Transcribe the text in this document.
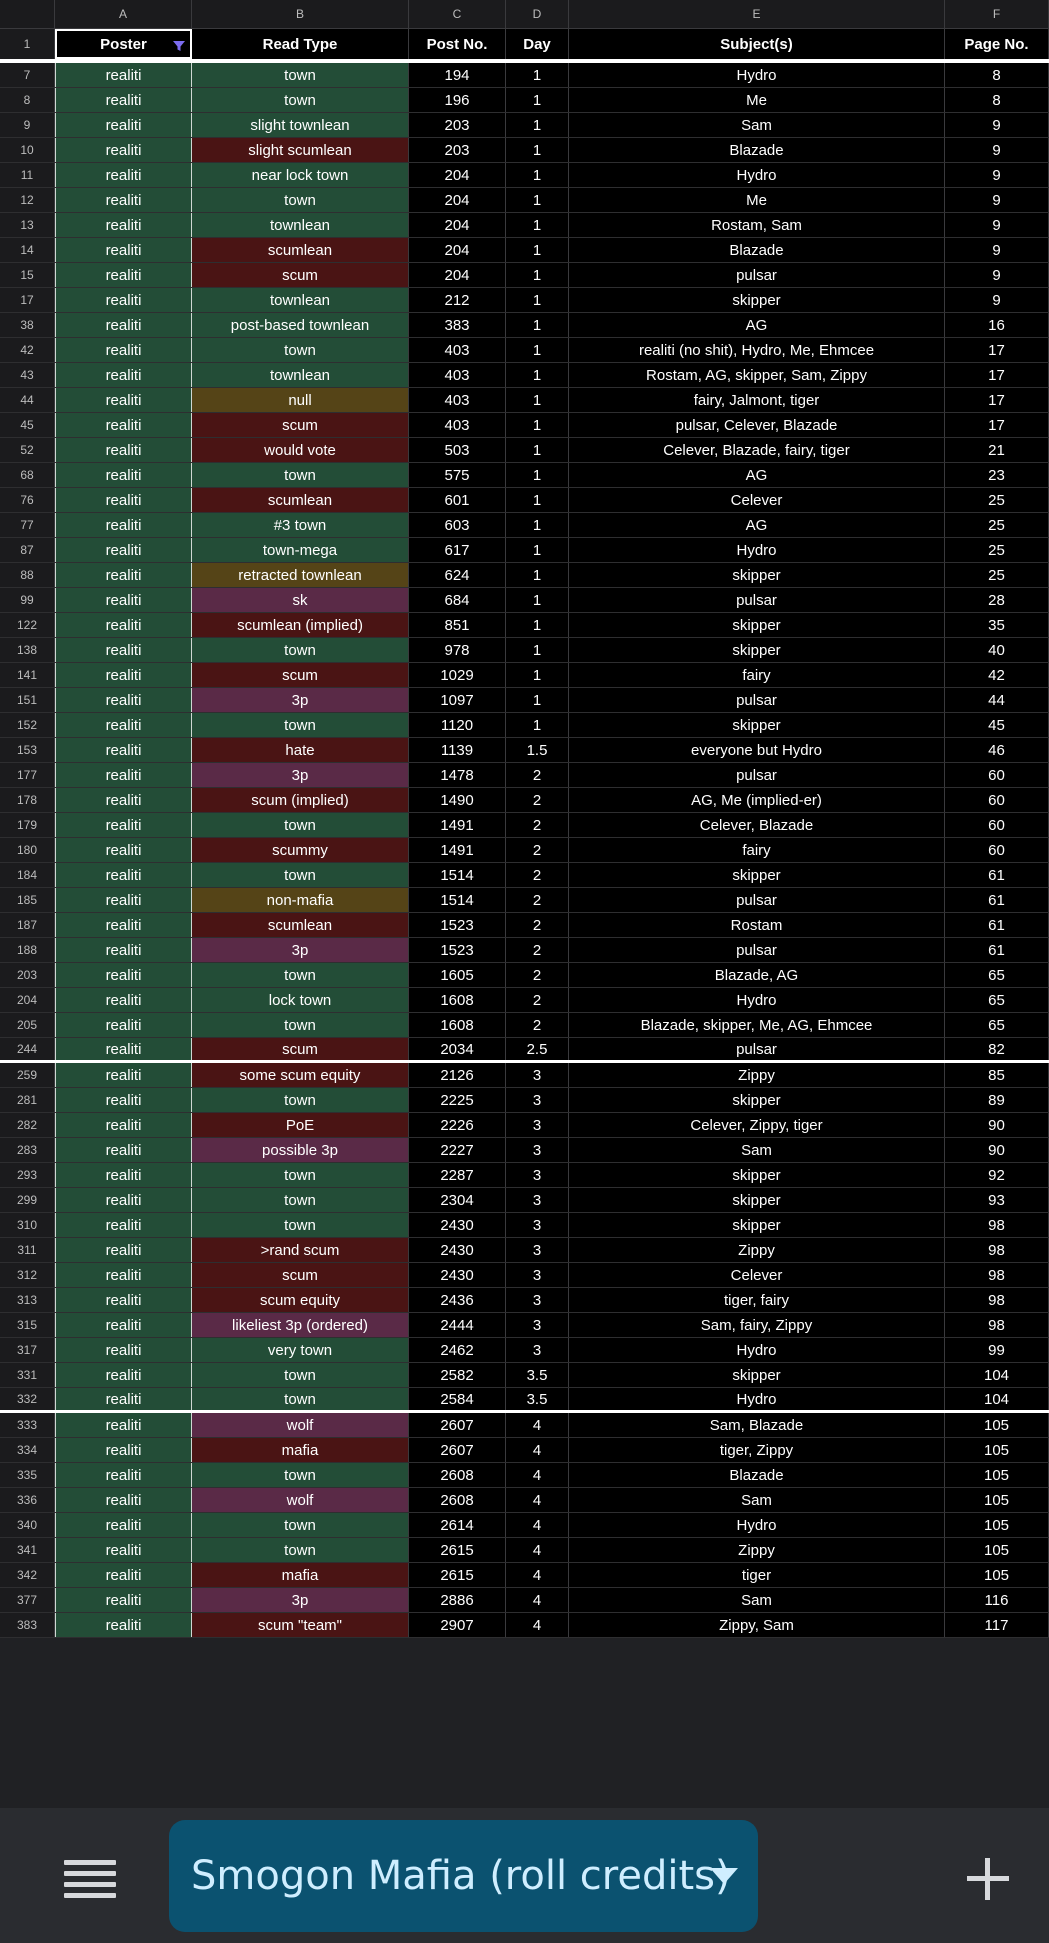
A	B	C	D	E	F
1	Poster	Read Type	Post No.	Day	Subject(s)	Page No.
7	realiti	town	194	1	Hydro	8
8	realiti	town	196	1	Me	8
9	realiti	slight townlean	203	1	Sam	9
10	realiti	slight scumlean	203	1	Blazade	9
11	realiti	near lock town	204	1	Hydro	9
12	realiti	town	204	1	Me	9
13	realiti	townlean	204	1	Rostam, Sam	9
14	realiti	scumlean	204	1	Blazade	9
15	realiti	scum	204	1	pulsar	9
17	realiti	townlean	212	1	skipper	9
38	realiti	post-based townlean	383	1	AG	16
42	realiti	town	403	1	realiti (no shit), Hydro, Me, Ehmcee	17
43	realiti	townlean	403	1	Rostam, AG, skipper, Sam, Zippy	17
44	realiti	null	403	1	fairy, Jalmont, tiger	17
45	realiti	scum	403	1	pulsar, Celever, Blazade	17
52	realiti	would vote	503	1	Celever, Blazade, fairy, tiger	21
68	realiti	town	575	1	AG	23
76	realiti	scumlean	601	1	Celever	25
77	realiti	#3 town	603	1	AG	25
87	realiti	town-mega	617	1	Hydro	25
88	realiti	retracted townlean	624	1	skipper	25
99	realiti	sk	684	1	pulsar	28
122	realiti	scumlean (implied)	851	1	skipper	35
138	realiti	town	978	1	skipper	40
141	realiti	scum	1029	1	fairy	42
151	realiti	3p	1097	1	pulsar	44
152	realiti	town	1120	1	skipper	45
153	realiti	hate	1139	1.5	everyone but Hydro	46
177	realiti	3p	1478	2	pulsar	60
178	realiti	scum (implied)	1490	2	AG, Me (implied-er)	60
179	realiti	town	1491	2	Celever, Blazade	60
180	realiti	scummy	1491	2	fairy	60
184	realiti	town	1514	2	skipper	61
185	realiti	non-mafia	1514	2	pulsar	61
187	realiti	scumlean	1523	2	Rostam	61
188	realiti	3p	1523	2	pulsar	61
203	realiti	town	1605	2	Blazade, AG	65
204	realiti	lock town	1608	2	Hydro	65
205	realiti	town	1608	2	Blazade, skipper, Me, AG, Ehmcee	65
244	realiti	scum	2034	2.5	pulsar	82
259	realiti	some scum equity	2126	3	Zippy	85
281	realiti	town	2225	3	skipper	89
282	realiti	PoE	2226	3	Celever, Zippy, tiger	90
283	realiti	possible 3p	2227	3	Sam	90
293	realiti	town	2287	3	skipper	92
299	realiti	town	2304	3	skipper	93
310	realiti	town	2430	3	skipper	98
311	realiti	>rand scum	2430	3	Zippy	98
312	realiti	scum	2430	3	Celever	98
313	realiti	scum equity	2436	3	tiger, fairy	98
315	realiti	likeliest 3p (ordered)	2444	3	Sam, fairy, Zippy	98
317	realiti	very town	2462	3	Hydro	99
331	realiti	town	2582	3.5	skipper	104
332	realiti	town	2584	3.5	Hydro	104
333	realiti	wolf	2607	4	Sam, Blazade	105
334	realiti	mafia	2607	4	tiger, Zippy	105
335	realiti	town	2608	4	Blazade	105
336	realiti	wolf	2608	4	Sam	105
340	realiti	town	2614	4	Hydro	105
341	realiti	town	2615	4	Zippy	105
342	realiti	mafia	2615	4	tiger	105
377	realiti	3p	2886	4	Sam	116
383	realiti	scum "team"	2907	4	Zippy, Sam	117
Smogon Mafia (roll credits)
